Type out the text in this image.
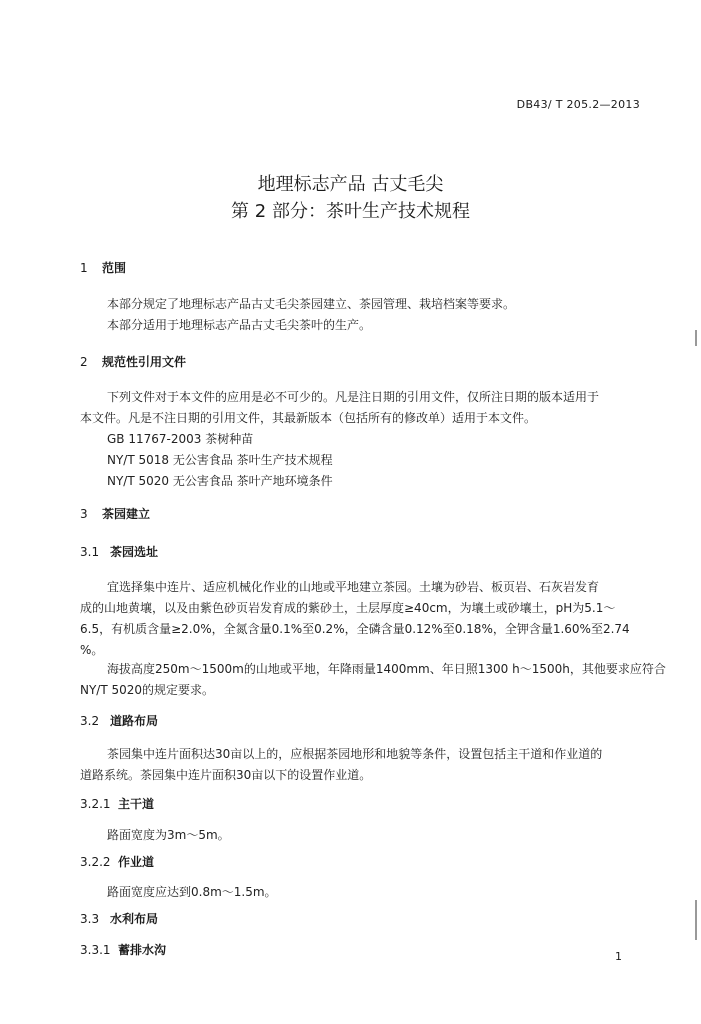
DB43/ T 205.2—2013
地理标志产品 古丈毛尖
第 2 部分：茶叶生产技术规程
1 范围
本部分规定了地理标志产品古丈毛尖茶园建立、茶园管理、栽培档案等要求。
本部分适用于地理标志产品古丈毛尖茶叶的生产。
2 规范性引用文件
下列文件对于本文件的应用是必不可少的。凡是注日期的引用文件，仅所注日期的版本适用于
本文件。凡是不注日期的引用文件，其最新版本（包括所有的修改单）适用于本文件。
GB 11767-2003 茶树种苗
NY/T 5018 无公害食品 茶叶生产技术规程
NY/T 5020 无公害食品 茶叶产地环境条件
3 茶园建立
3.1 茶园选址
宜选择集中连片、适应机械化作业的山地或平地建立茶园。土壤为砂岩、板页岩、石灰岩发育
成的山地黄壤，以及由紫色砂页岩发育成的紫砂土，土层厚度≥40cm，为壤土或砂壤土，pH为5.1～
6.5，有机质含量≥2.0%，全氮含量0.1%至0.2%，全磷含量0.12%至0.18%，全钾含量1.60%至2.74
%。
海拔高度250m～1500m的山地或平地，年降雨量1400mm、年日照1300 h～1500h，其他要求应符合
NY/T 5020的规定要求。
3.2 道路布局
茶园集中连片面积达30亩以上的，应根据茶园地形和地貌等条件，设置包括主干道和作业道的
道路系统。茶园集中连片面积30亩以下的设置作业道。
3.2.1 主干道
路面宽度为3m～5m。
3.2.2 作业道
路面宽度应达到0.8m～1.5m。
3.3 水利布局
3.3.1 蓄排水沟	1
